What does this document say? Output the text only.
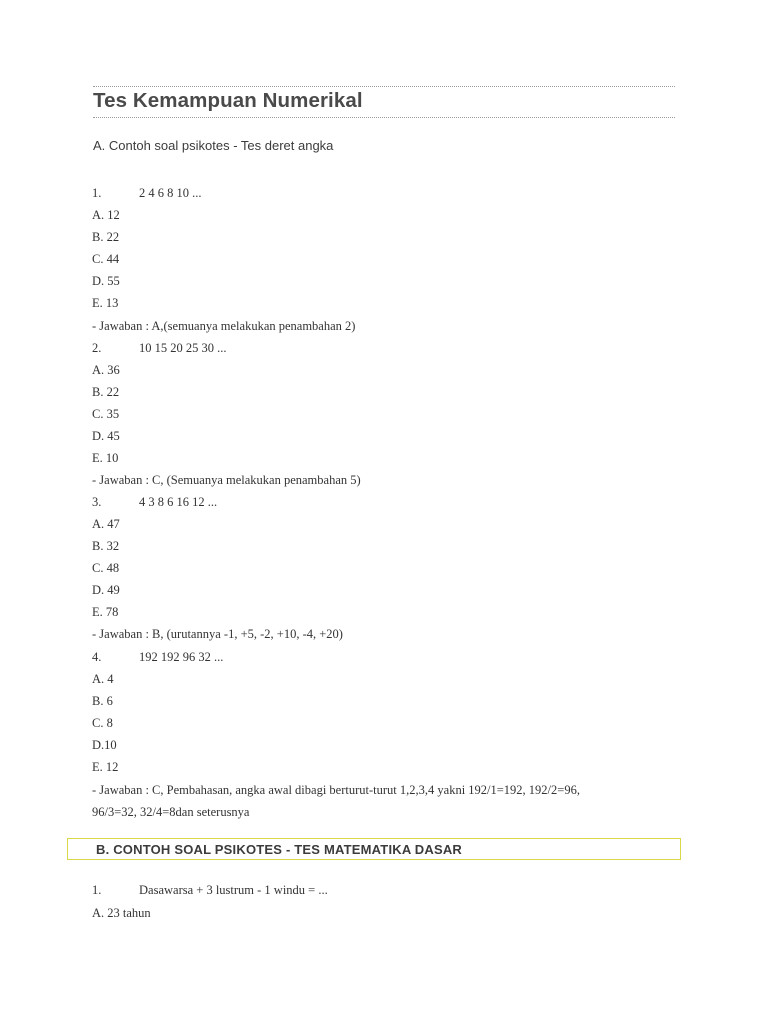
Tes Kemampuan Numerikal
A. Contoh soal psikotes - Tes deret angka
1.	2 4 6 8 10 ...
A. 12
B. 22
C. 44
D. 55
E. 13
- Jawaban : A,(semuanya melakukan penambahan 2)
2.	10 15 20 25 30 ...
A. 36
B. 22
C. 35
D. 45
E. 10
- Jawaban : C, (Semuanya melakukan penambahan 5)
3.	4 3 8 6 16 12 ...
A. 47
B. 32
C. 48
D. 49
E. 78
- Jawaban : B, (urutannya -1, +5, -2, +10, -4, +20)
4.	192 192 96 32 ...
A. 4
B. 6
C. 8
D.10
E. 12
- Jawaban : C, Pembahasan, angka awal dibagi berturut-turut 1,2,3,4 yakni 192/1=192, 192/2=96,
96/3=32, 32/4=8dan seterusnya
B. CONTOH SOAL PSIKOTES - TES MATEMATIKA DASAR
1.	Dasawarsa + 3 lustrum - 1 windu = ...
A. 23 tahun
